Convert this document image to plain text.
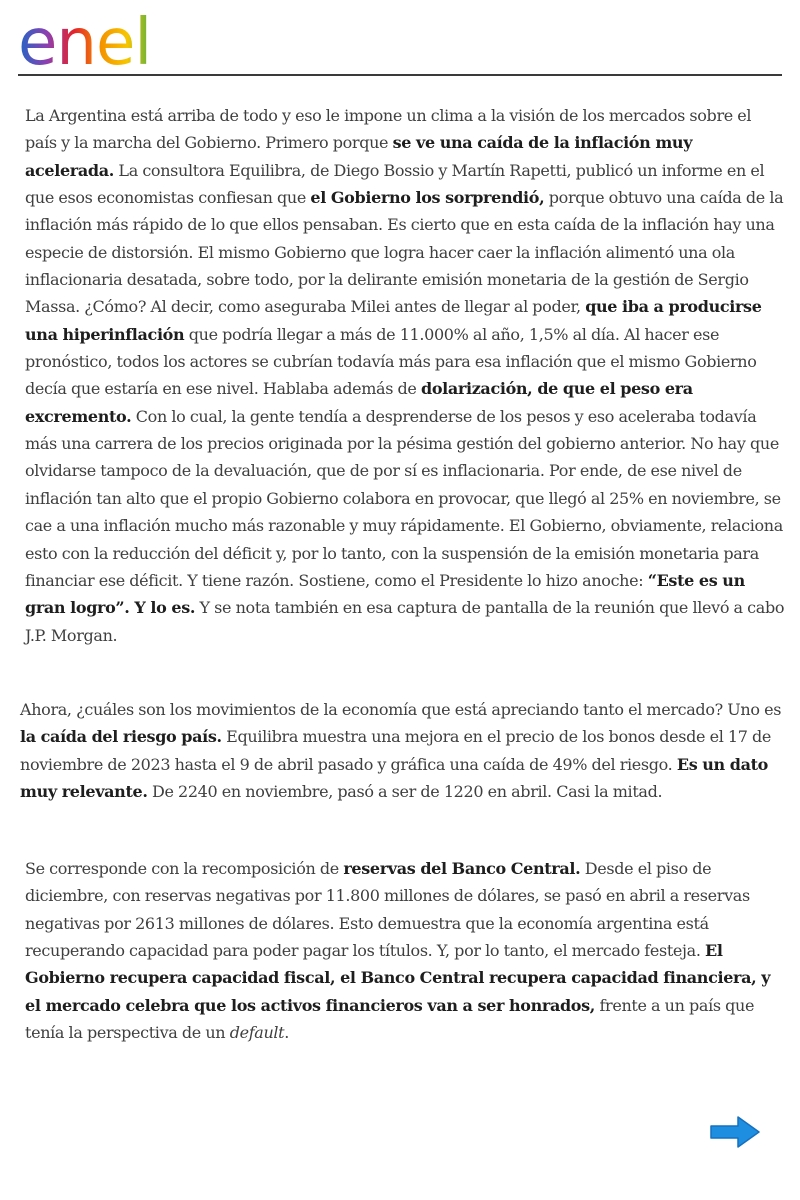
enel

La Argentina está arriba de todo y eso le impone un clima a la visión de los mercados sobre el país y la marcha del Gobierno. Primero porque se ve una caída de la inflación muy acelerada. La consultora Equilibra, de Diego Bossio y Martín Rapetti, publicó un informe en el que esos economistas confiesan que el Gobierno los sorprendió, porque obtuvo una caída de la inflación más rápido de lo que ellos pensaban. Es cierto que en esta caída de la inflación hay una especie de distorsión. El mismo Gobierno que logra hacer caer la inflación alimentó una ola inflacionaria desatada, sobre todo, por la delirante emisión monetaria de la gestión de Sergio Massa. ¿Cómo? Al decir, como aseguraba Milei antes de llegar al poder, que iba a producirse una hiperinflación que podría llegar a más de 11.000% al año, 1,5% al día. Al hacer ese pronóstico, todos los actores se cubrían todavía más para esa inflación que el mismo Gobierno decía que estaría en ese nivel. Hablaba además de dolarización, de que el peso era excremento. Con lo cual, la gente tendía a desprenderse de los pesos y eso aceleraba todavía más una carrera de los precios originada por la pésima gestión del gobierno anterior. No hay que olvidarse tampoco de la devaluación, que de por sí es inflacionaria. Por ende, de ese nivel de inflación tan alto que el propio Gobierno colabora en provocar, que llegó al 25% en noviembre, se cae a una inflación mucho más razonable y muy rápidamente. El Gobierno, obviamente, relaciona esto con la reducción del déficit y, por lo tanto, con la suspensión de la emisión monetaria para financiar ese déficit. Y tiene razón. Sostiene, como el Presidente lo hizo anoche: “Este es un gran logro”. Y lo es. Y se nota también en esa captura de pantalla de la reunión que llevó a cabo J.P. Morgan.

Ahora, ¿cuáles son los movimientos de la economía que está apreciando tanto el mercado? Uno es la caída del riesgo país. Equilibra muestra una mejora en el precio de los bonos desde el 17 de noviembre de 2023 hasta el 9 de abril pasado y gráfica una caída de 49% del riesgo. Es un dato muy relevante. De 2240 en noviembre, pasó a ser de 1220 en abril. Casi la mitad.

Se corresponde con la recomposición de reservas del Banco Central. Desde el piso de diciembre, con reservas negativas por 11.800 millones de dólares, se pasó en abril a reservas negativas por 2613 millones de dólares. Esto demuestra que la economía argentina está recuperando capacidad para poder pagar los títulos. Y, por lo tanto, el mercado festeja. El Gobierno recupera capacidad fiscal, el Banco Central recupera capacidad financiera, y el mercado celebra que los activos financieros van a ser honrados, frente a un país que tenía la perspectiva de un default.
